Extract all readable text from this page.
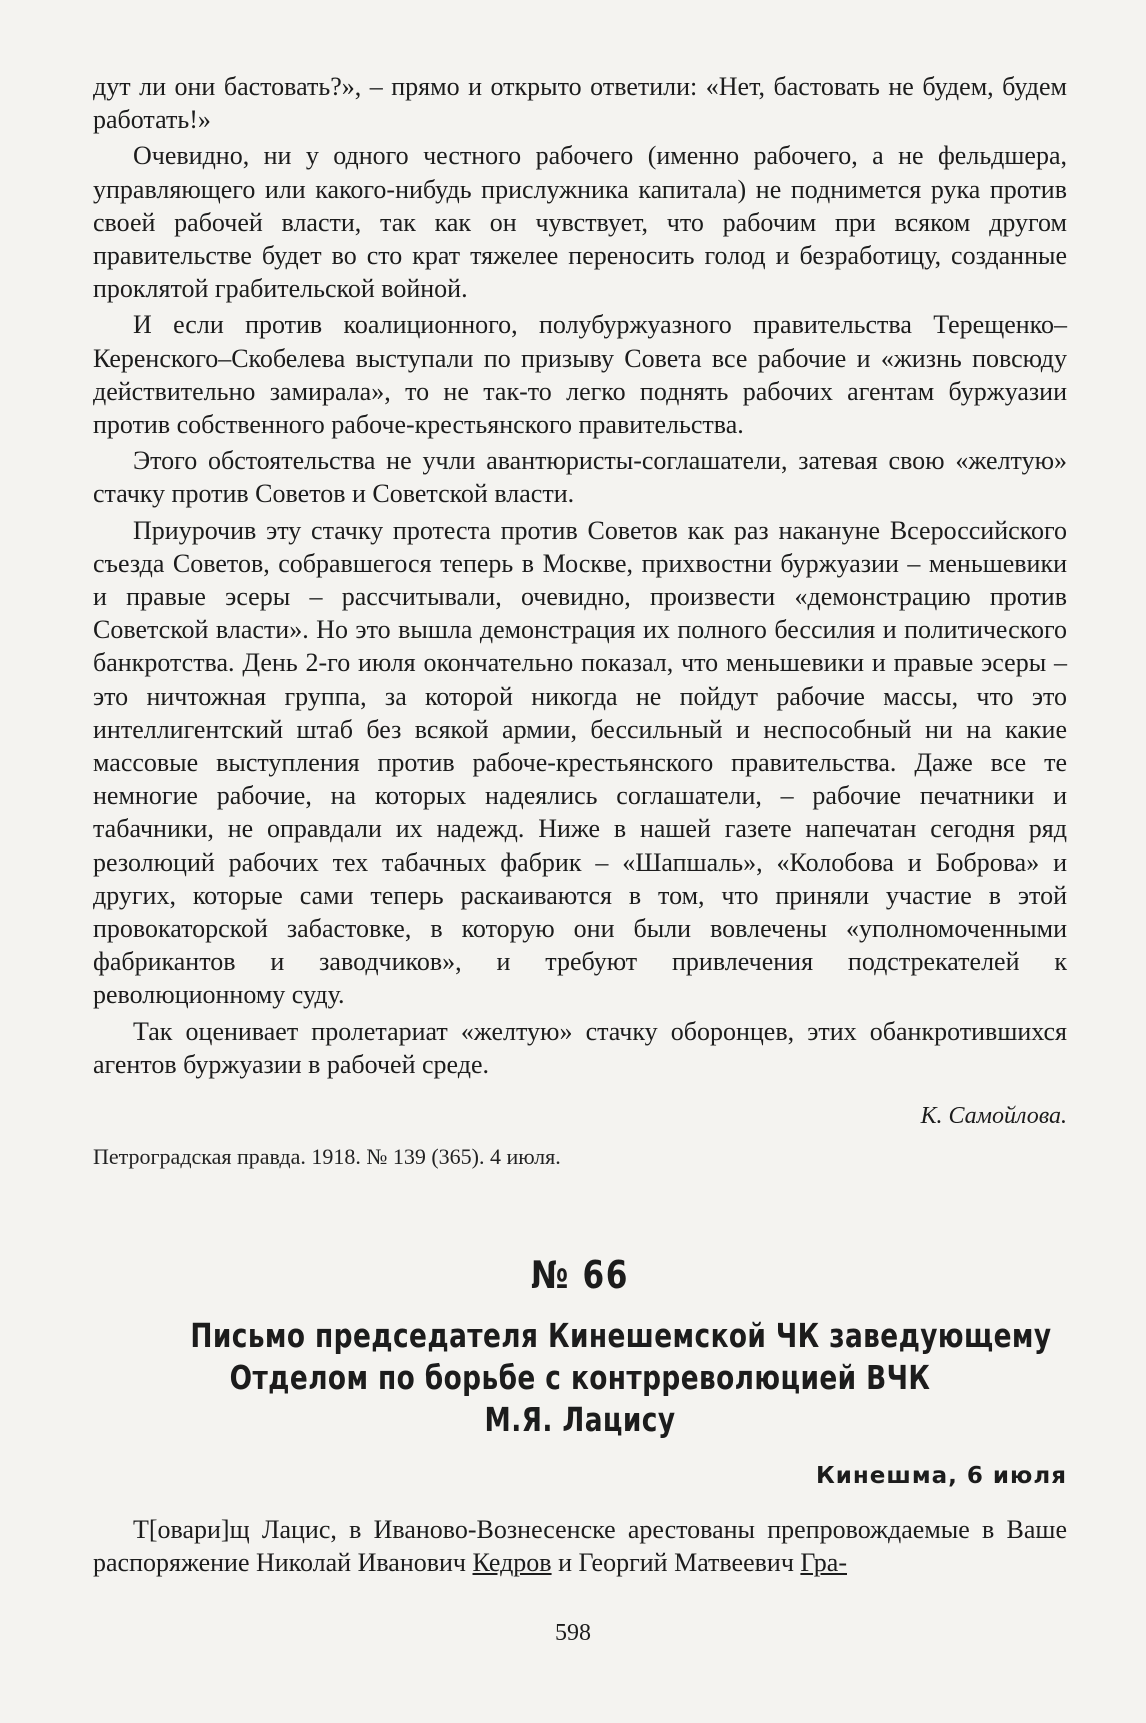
дут ли они бастовать?», – прямо и открыто ответили: «Нет, бастовать не будем, будем работать!»

Очевидно, ни у одного честного рабочего (именно рабочего, а не фельдшера, управляющего или какого-нибудь прислужника капитала) не поднимется рука против своей рабочей власти, так как он чувствует, что рабочим при всяком другом правительстве будет во сто крат тяжелее переносить голод и безработицу, созданные проклятой грабительской войной.

И если против коалиционного, полубуржуазного правительства Терещенко–Керенского–Скобелева выступали по призыву Совета все рабочие и «жизнь повсюду действительно замирала», то не так-то легко поднять рабочих агентам буржуазии против собственного рабоче-крестьянского правительства.

Этого обстоятельства не учли авантюристы-соглашатели, затевая свою «желтую» стачку против Советов и Советской власти.

Приурочив эту стачку протеста против Советов как раз накануне Всероссийского съезда Советов, собравшегося теперь в Москве, прихвостни буржуазии – меньшевики и правые эсеры – рассчитывали, очевидно, произвести «демонстрацию против Советской власти». Но это вышла демонстрация их полного бессилия и политического банкротства. День 2-го июля окончательно показал, что меньшевики и правые эсеры – это ничтожная группа, за которой никогда не пойдут рабочие массы, что это интеллигентский штаб без всякой армии, бессильный и неспособный ни на какие массовые выступления против рабоче-крестьянского правительства. Даже все те немногие рабочие, на которых надеялись соглашатели, – рабочие печатники и табачники, не оправдали их надежд. Ниже в нашей газете напечатан сегодня ряд резолюций рабочих тех табачных фабрик – «Шапшаль», «Колобова и Боброва» и других, которые сами теперь раскаиваются в том, что приняли участие в этой провокаторской забастовке, в которую они были вовлечены «уполномоченными фабрикантов и заводчиков», и требуют привлечения подстрекателей к революционному суду.

Так оценивает пролетариат «желтую» стачку оборонцев, этих обанкротившихся агентов буржуазии в рабочей среде.

К. Самойлова.
Петроградская правда. 1918. № 139 (365). 4 июля.
№ 66
Письмо председателя Кинешемской ЧК заведующему
Отделом по борьбе с контрреволюцией ВЧК
М.Я. Лацису
Кинешма, 6 июля

Т[овари]щ Лацис, в Иваново-Вознесенске арестованы препровождаемые в Ваше распоряжение Николай Иванович Кедров и Георгий Матвеевич Гра-

598
